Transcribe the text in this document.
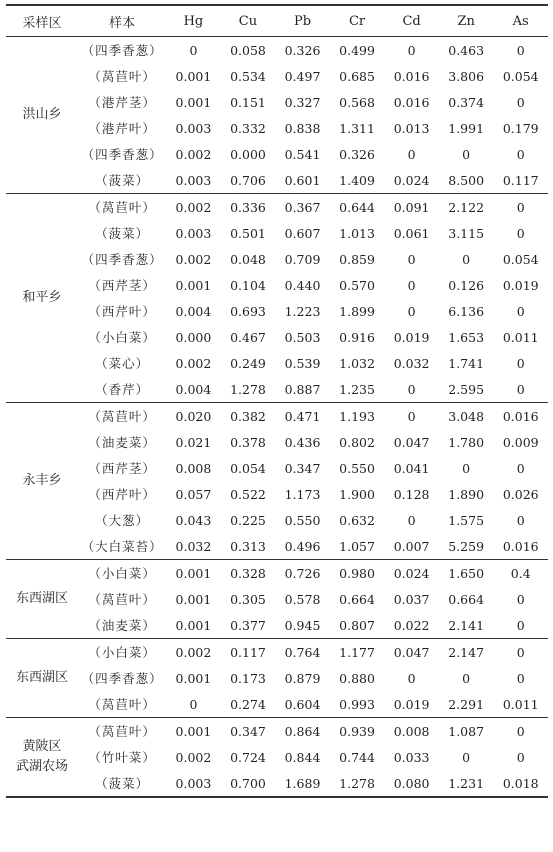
采样区	样本	Hg	Cu	Pb	Cr	Cd	Zn	As

洪山乡	（四季香葱）	0	0.058	0.326	0.499	0	0.463	0
	（莴苣叶）	0.001	0.534	0.497	0.685	0.016	3.806	0.054
	（港芹茎）	0.001	0.151	0.327	0.568	0.016	0.374	0
	（港芹叶）	0.003	0.332	0.838	1.311	0.013	1.991	0.179
	（四季香葱）	0.002	0.000	0.541	0.326	0	0	0
	（菠菜）	0.003	0.706	0.601	1.409	0.024	8.500	0.117

和平乡	（莴苣叶）	0.002	0.336	0.367	0.644	0.091	2.122	0
	（菠菜）	0.003	0.501	0.607	1.013	0.061	3.115	0
	（四季香葱）	0.002	0.048	0.709	0.859	0	0	0.054
	（西芹茎）	0.001	0.104	0.440	0.570	0	0.126	0.019
	（西芹叶）	0.004	0.693	1.223	1.899	0	6.136	0
	（小白菜）	0.000	0.467	0.503	0.916	0.019	1.653	0.011
	（菜心）	0.002	0.249	0.539	1.032	0.032	1.741	0
	（香芹）	0.004	1.278	0.887	1.235	0	2.595	0

永丰乡	（莴苣叶）	0.020	0.382	0.471	1.193	0	3.048	0.016
	（油麦菜）	0.021	0.378	0.436	0.802	0.047	1.780	0.009
	（西芹茎）	0.008	0.054	0.347	0.550	0.041	0	0
	（西芹叶）	0.057	0.522	1.173	1.900	0.128	1.890	0.026
	（大葱）	0.043	0.225	0.550	0.632	0	1.575	0
	（大白菜苔）	0.032	0.313	0.496	1.057	0.007	5.259	0.016

东西湖区	（小白菜）	0.001	0.328	0.726	0.980	0.024	1.650	0.4
	（莴苣叶）	0.001	0.305	0.578	0.664	0.037	0.664	0
	（油麦菜）	0.001	0.377	0.945	0.807	0.022	2.141	0

东西湖区	（小白菜）	0.002	0.117	0.764	1.177	0.047	2.147	0
	（四季香葱）	0.001	0.173	0.879	0.880	0	0	0
	（莴苣叶）	0	0.274	0.604	0.993	0.019	2.291	0.011

黄陂区
武湖农场	（莴苣叶）	0.001	0.347	0.864	0.939	0.008	1.087	0
	（竹叶菜）	0.002	0.724	0.844	0.744	0.033	0	0
	（菠菜）	0.003	0.700	1.689	1.278	0.080	1.231	0.018
